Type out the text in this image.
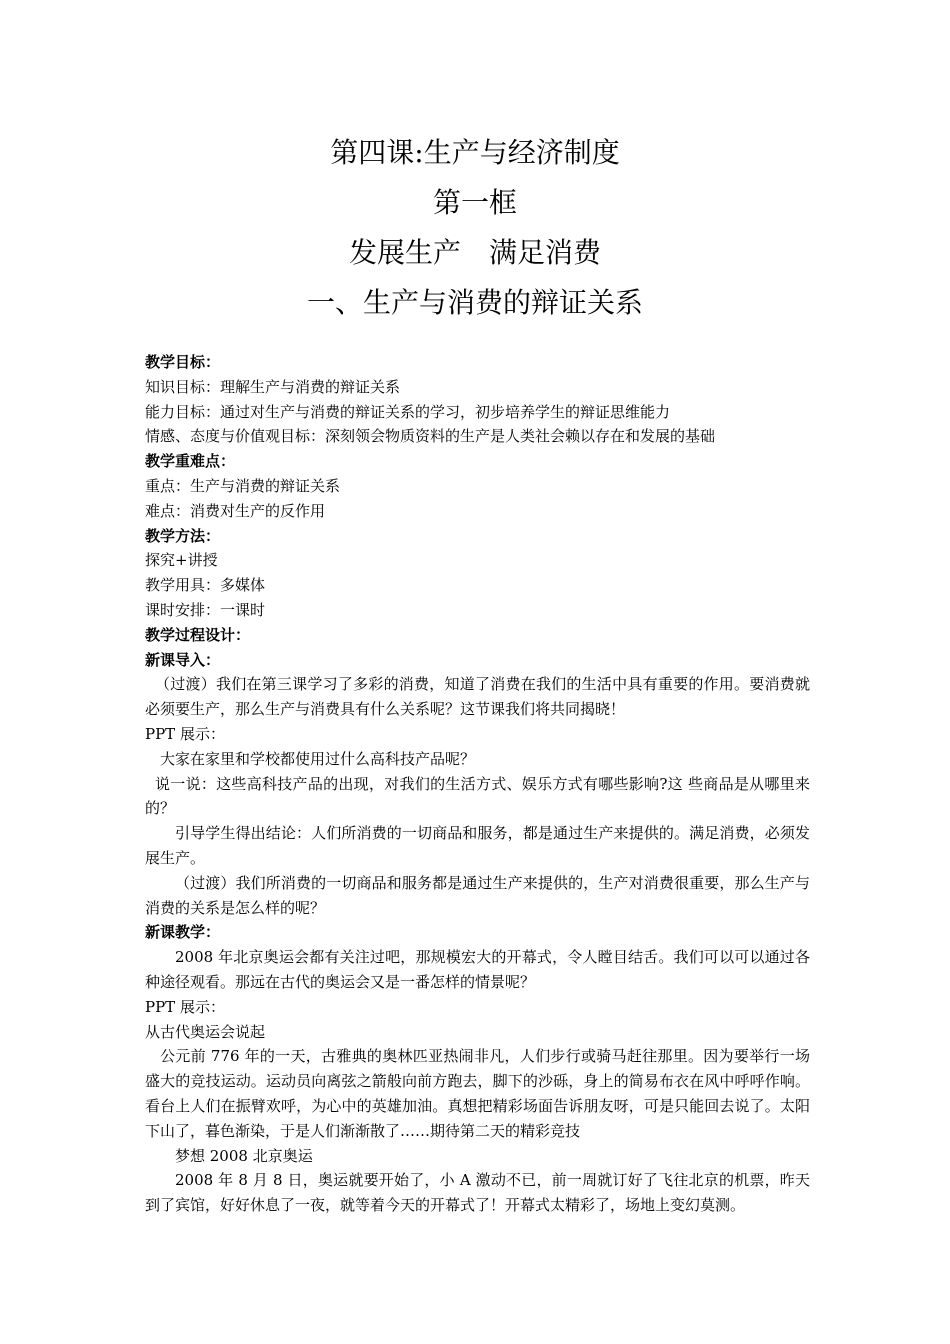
第四课:生产与经济制度
第一框
发展生产 满足消费
一、生产与消费的辩证关系

教学目标：

知识目标：理解生产与消费的辩证关系

能力目标：通过对生产与消费的辩证关系的学习，初步培养学生的辩证思维能力

情感、态度与价值观目标：深刻领会物质资料的生产是人类社会赖以存在和发展的基础

教学重难点：

重点：生产与消费的辩证关系

难点：消费对生产的反作用

教学方法：

探究+讲授

教学用具：多媒体

课时安排：一课时

教学过程设计：

新课导入：

（过渡）我们在第三课学习了多彩的消费，知道了消费在我们的生活中具有重要的作用。要消费就必须要生产，那么生产与消费具有什么关系呢？这节课我们将共同揭晓！

PPT 展示：

大家在家里和学校都使用过什么高科技产品呢？

说一说：这些高科技产品的出现，对我们的生活方式、娱乐方式有哪些影响?这 些商品是从哪里来的？

引导学生得出结论：人们所消费的一切商品和服务，都是通过生产来提供的。满足消费，必须发展生产。

（过渡）我们所消费的一切商品和服务都是通过生产来提供的，生产对消费很重要，那么生产与消费的关系是怎么样的呢？

新课教学：

2008 年北京奥运会都有关注过吧，那规模宏大的开幕式，令人瞠目结舌。我们可以可以通过各种途径观看。那远在古代的奥运会又是一番怎样的情景呢？

PPT 展示：

从古代奥运会说起

公元前 776 年的一天，古雅典的奥林匹亚热闹非凡，人们步行或骑马赶往那里。因为要举行一场盛大的竞技运动。运动员向离弦之箭般向前方跑去，脚下的沙砾，身上的简易布衣在风中呼呼作响。看台上人们在振臂欢呼，为心中的英雄加油。真想把精彩场面告诉朋友呀，可是只能回去说了。太阳下山了，暮色渐染，于是人们渐渐散了……期待第二天的精彩竞技

梦想 2008 北京奥运

2008 年 8 月 8 日，奥运就要开始了，小 A 激动不已，前一周就订好了飞往北京的机票，昨天到了宾馆，好好休息了一夜，就等着今天的开幕式了！开幕式太精彩了，场地上变幻莫测。
